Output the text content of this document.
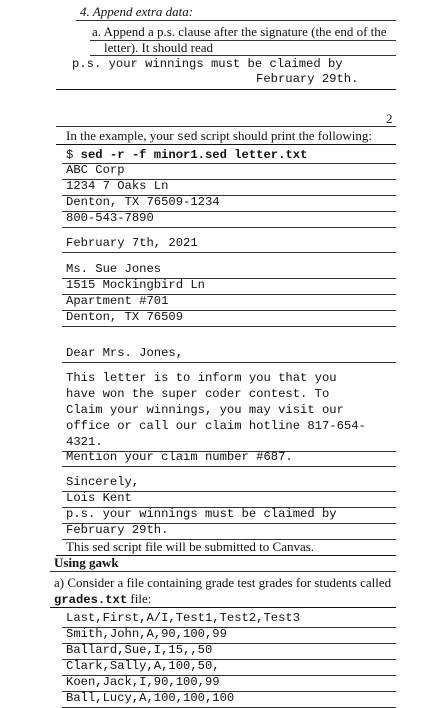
4. Append extra data:
a. Append a p.s. clause after the signature (the end of the
letter). It should read
p.s. your winnings must be claimed by
February 29th.
2
In the example, your sed script should print the following:
$ sed -r -f minor1.sed letter.txt
ABC Corp
1234 7 Oaks Ln
Denton, TX 76509-1234
800-543-7890
February 7th, 2021
Ms. Sue Jones
1515 Mockingbird Ln
Apartment #701
Denton, TX 76509
Dear Mrs. Jones,
This letter is to inform you that you
have won the super coder contest. To
Claim your winnings, you may visit our
office or call our claim hotline 817-654-
4321.
Mention your claim number #687.
Sincerely,
Lois Kent
p.s. your winnings must be claimed by
February 29th.
This sed script file will be submitted to Canvas.
Using gawk
a) Consider a file containing grade test grades for students called
grades.txt file:
Last,First,A/I,Test1,Test2,Test3
Smith,John,A,90,100,99
Ballard,Sue,I,15,,50
Clark,Sally,A,100,50,
Koen,Jack,I,90,100,99
Ball,Lucy,A,100,100,100
